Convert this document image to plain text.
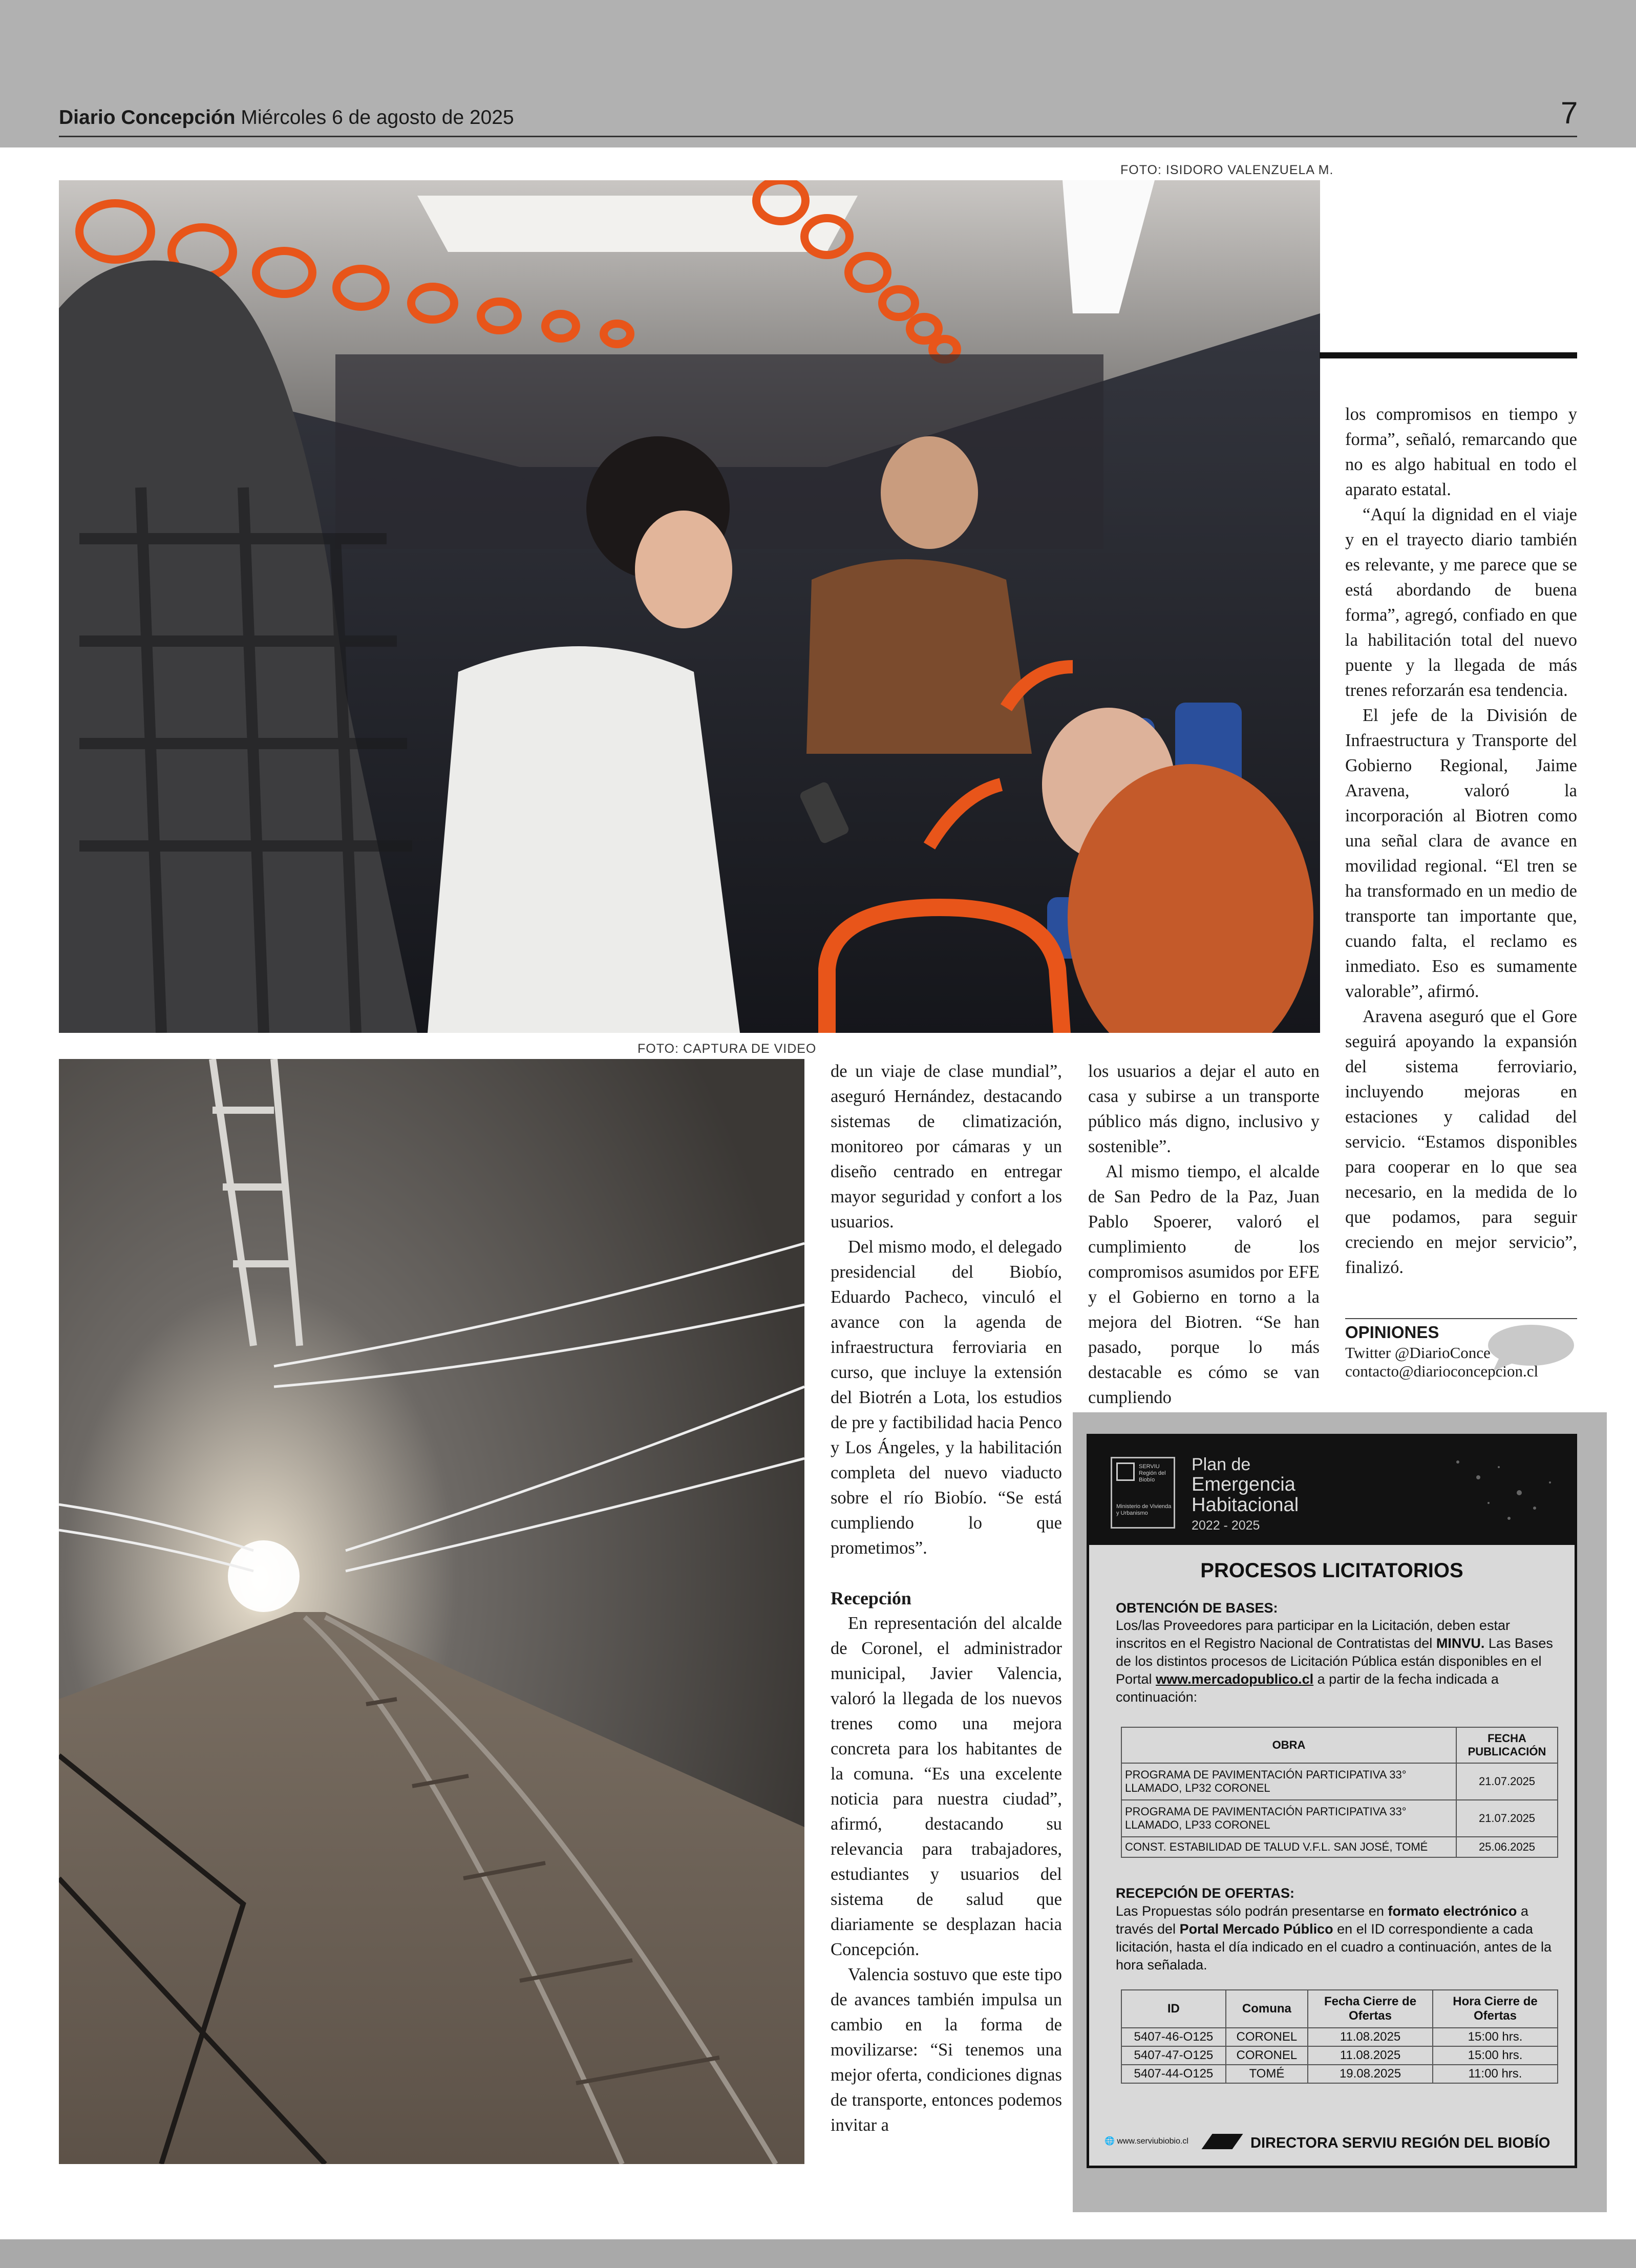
Diario Concepción Miércoles 6 de agosto de 2025	7
FOTO: ISIDORO VALENZUELA M.
FOTO: CAPTURA DE VIDEO

de un viaje de clase mundial”, aseguró Hernández, destacando sistemas de climatización, monitoreo por cámaras y un diseño centrado en entregar mayor seguridad y confort a los usuarios.

Del mismo modo, el delegado presidencial del Biobío, Eduardo Pacheco, vinculó el avance con la agenda de infraestructura ferroviaria en curso, que incluye la extensión del Biotrén a Lota, los estudios de pre y factibilidad hacia Penco y Los Ángeles, y la habilitación completa del nuevo viaducto sobre el río Biobío. “Se está cumpliendo lo que prometimos”.

Recepción

En representación del alcalde de Coronel, el administrador municipal, Javier Valencia, valoró la llegada de los nuevos trenes como una mejora concreta para los habitantes de la comuna. “Es una excelente noticia para nuestra ciudad”, afirmó, destacando su relevancia para trabajadores, estudiantes y usuarios del sistema de salud que diariamente se desplazan hacia Concepción.

Valencia sostuvo que este tipo de avances también impulsa un cambio en la forma de movilizarse: “Si tenemos una mejor oferta, condiciones dignas de transporte, entonces podemos invitar a

los usuarios a dejar el auto en casa y subirse a un transporte público más digno, inclusivo y sostenible”.

Al mismo tiempo, el alcalde de San Pedro de la Paz, Juan Pablo Spoerer, valoró el cumplimiento de los compromisos asumidos por EFE y el Gobierno en torno a la mejora del Biotren. “Se han pasado, porque lo más destacable es cómo se van cumpliendo

los compromisos en tiempo y forma”, señaló, remarcando que no es algo habitual en todo el aparato estatal.

“Aquí la dignidad en el viaje y en el trayecto diario también es relevante, y me parece que se está abordando de buena forma”, agregó, confiado en que la habilitación total del nuevo puente y la llegada de más trenes reforzarán esa tendencia.

El jefe de la División de Infraestructura y Transporte del Gobierno Regional, Jaime Aravena, valoró la incorporación al Biotren como una señal clara de avance en movilidad regional. “El tren se ha transformado en un medio de transporte tan importante que, cuando falta, el reclamo es inmediato. Eso es sumamente valorable”, afirmó.

Aravena aseguró que el Gore seguirá apoyando la expansión del sistema ferroviario, incluyendo mejoras en estaciones y calidad del servicio. “Estamos disponibles para cooperar en lo que sea necesario, en la medida de lo que podamos, para seguir creciendo en mejor servicio”, finalizó.

OPINIONES
Twitter @DiarioConce
contacto@diarioconcepcion.cl
SERVIU Región del Biobío
Ministerio de Vivienda y Urbanismo
Plan de
Emergencia
Habitacional
2022 - 2025
PROCESOS LICITATORIOS
OBTENCIÓN DE BASES:
Los/las Proveedores para participar en la Licitación, deben estar inscritos en el Registro Nacional de Contratistas del MINVU. Las Bases de los distintos procesos de Licitación Pública están disponibles en el Portal www.mercadopublico.cl a partir de la fecha indicada a continuación:
OBRA	FECHA PUBLICACIÓN
PROGRAMA DE PAVIMENTACIÓN PARTICIPATIVA 33° LLAMADO, LP32 CORONEL	21.07.2025
PROGRAMA DE PAVIMENTACIÓN PARTICIPATIVA 33° LLAMADO, LP33 CORONEL	21.07.2025
CONST. ESTABILIDAD DE TALUD V.F.L. SAN JOSÉ, TOMÉ	25.06.2025
RECEPCIÓN DE OFERTAS:
Las Propuestas sólo podrán presentarse en formato electrónico a través del Portal Mercado Público en el ID correspondiente a cada licitación, hasta el día indicado en el cuadro a continuación, antes de la hora señalada.
ID	Comuna	Fecha Cierre de Ofertas	Hora Cierre de Ofertas
5407-46-O125	CORONEL	11.08.2025	15:00 hrs.
5407-47-O125	CORONEL	11.08.2025	15:00 hrs.
5407-44-O125	TOMÉ	19.08.2025	11:00 hrs.
🌐 www.serviubiobio.cl	DIRECTORA SERVIU REGIÓN DEL BIOBÍO
